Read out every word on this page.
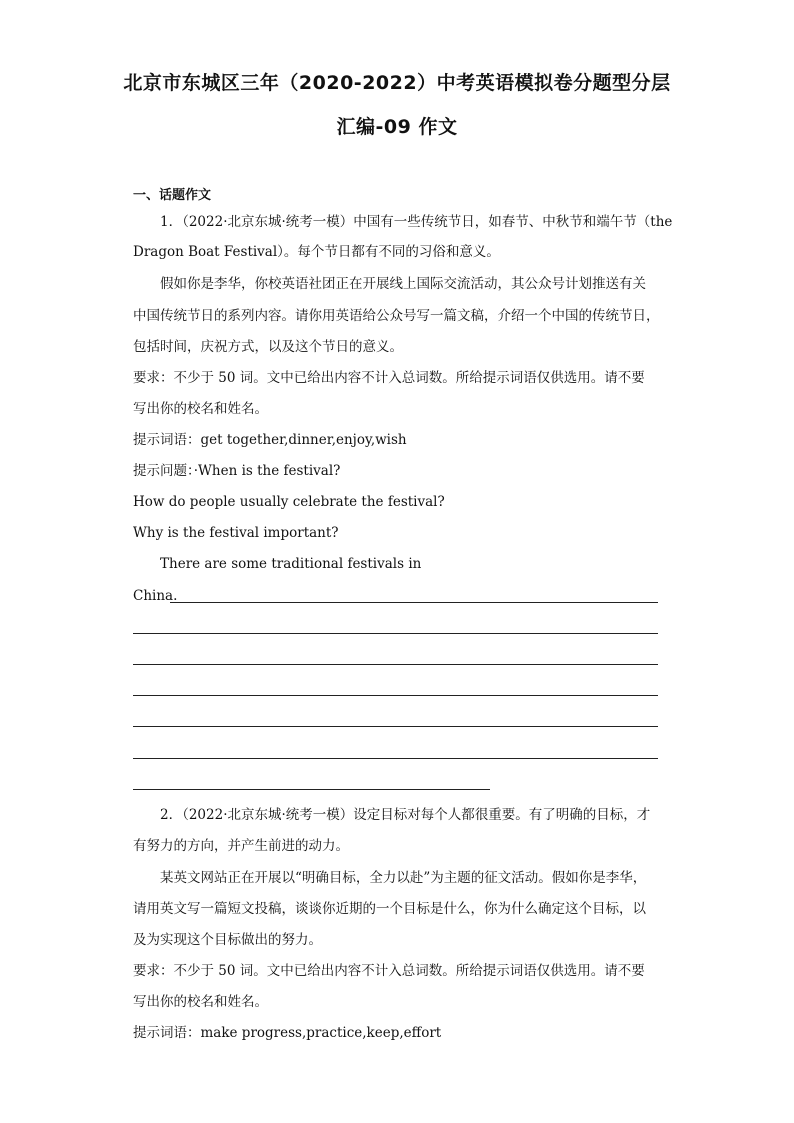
北京市东城区三年（2020-2022）中考英语模拟卷分题型分层
汇编-09 作文
一、话题作文
1．（2022·北京东城·统考一模）中国有一些传统节日，如春节、中秋节和端午节（the
Dragon Boat Festival）。每个节日都有不同的习俗和意义。
假如你是李华，你校英语社团正在开展线上国际交流活动，其公众号计划推送有关
中国传统节日的系列内容。请你用英语给公众号写一篇文稿，介绍一个中国的传统节日，
包括时间，庆祝方式，以及这个节日的意义。
要求：不少于 50 词。文中已给出内容不计入总词数。所给提示词语仅供选用。请不要
写出你的校名和姓名。
提示词语：get together,dinner,enjoy,wish
提示问题：·When is the festival?
How do people usually celebrate the festival?
Why is the festival important?
There are some traditional festivals in
China.
2．（2022·北京东城·统考一模）设定目标对每个人都很重要。有了明确的目标，才
有努力的方向，并产生前进的动力。
某英文网站正在开展以“明确目标，全力以赴”为主题的征文活动。假如你是李华，
请用英文写一篇短文投稿，谈谈你近期的一个目标是什么，你为什么确定这个目标，以
及为实现这个目标做出的努力。
要求：不少于 50 词。文中已给出内容不计入总词数。所给提示词语仅供选用。请不要
写出你的校名和姓名。
提示词语：make progress,practice,keep,effort
